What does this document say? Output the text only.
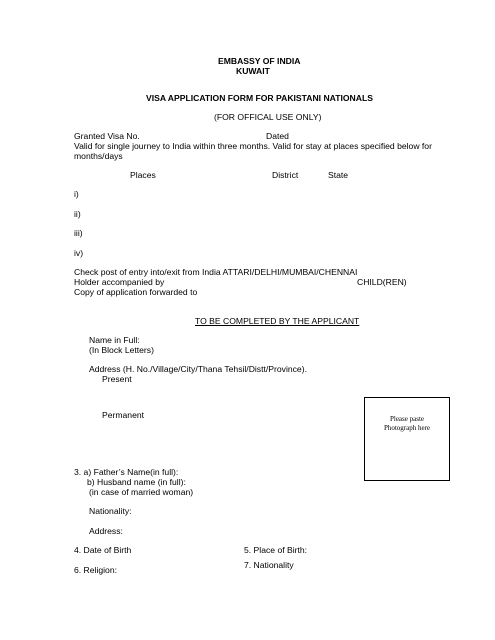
EMBASSY OF INDIA
KUWAIT
VISA APPLICATION FORM FOR PAKISTANI NATIONALS
(FOR OFFICAL USE ONLY)
Granted Visa No.	Dated
Valid for single journey to India within three months. Valid for stay at places specified below for
months/days
Places	District	State
i)
ii)
iii)
iv)
Check post of entry into/exit from India ATTARI/DELHI/MUMBAI/CHENNAI
Holder accompanied by	CHILD(REN)
Copy of application forwarded to
TO BE COMPLETED BY THE APPLICANT
Name in Full:
(In Block Letters)
Address (H. No./Village/City/Thana Tehsil/Distt/Province).
Present
Permanent	Please paste
Photograph here
3. a) Father’s Name(in full):
b) Husband name (in full):
(in case of married woman)
Nationality:
Address:
4. Date of Birth	5. Place of Birth:
6. Religion:	7. Nationality
